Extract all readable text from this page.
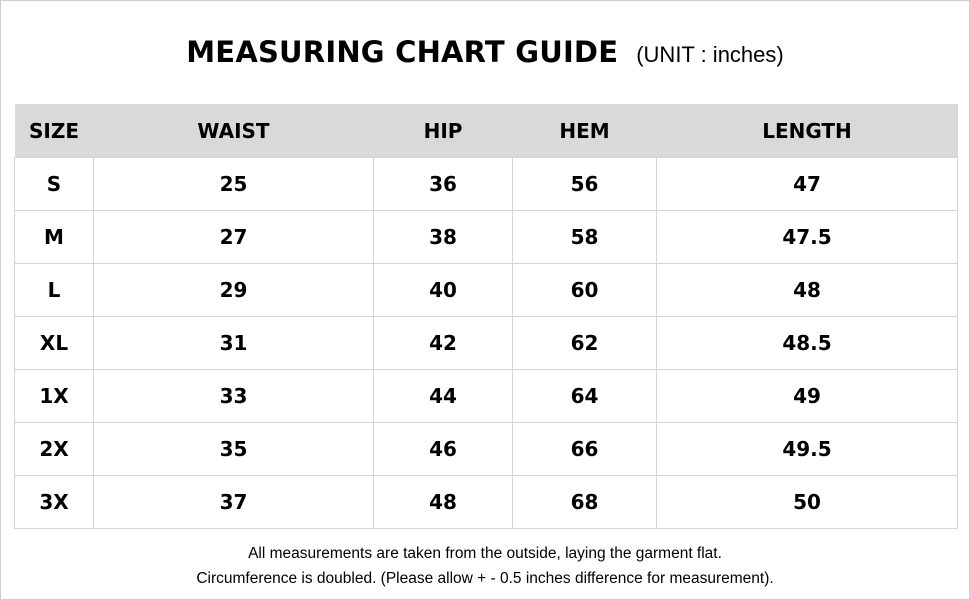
MEASURING CHART GUIDE (UNIT : inches)
SIZE	WAIST	HIP	HEM	LENGTH
S	25	36	56	47
M	27	38	58	47.5
L	29	40	60	48
XL	31	42	62	48.5
1X	33	44	64	49
2X	35	46	66	49.5
3X	37	48	68	50
All measurements are taken from the outside, laying the garment flat.
Circumference is doubled. (Please allow + - 0.5 inches difference for measurement).
